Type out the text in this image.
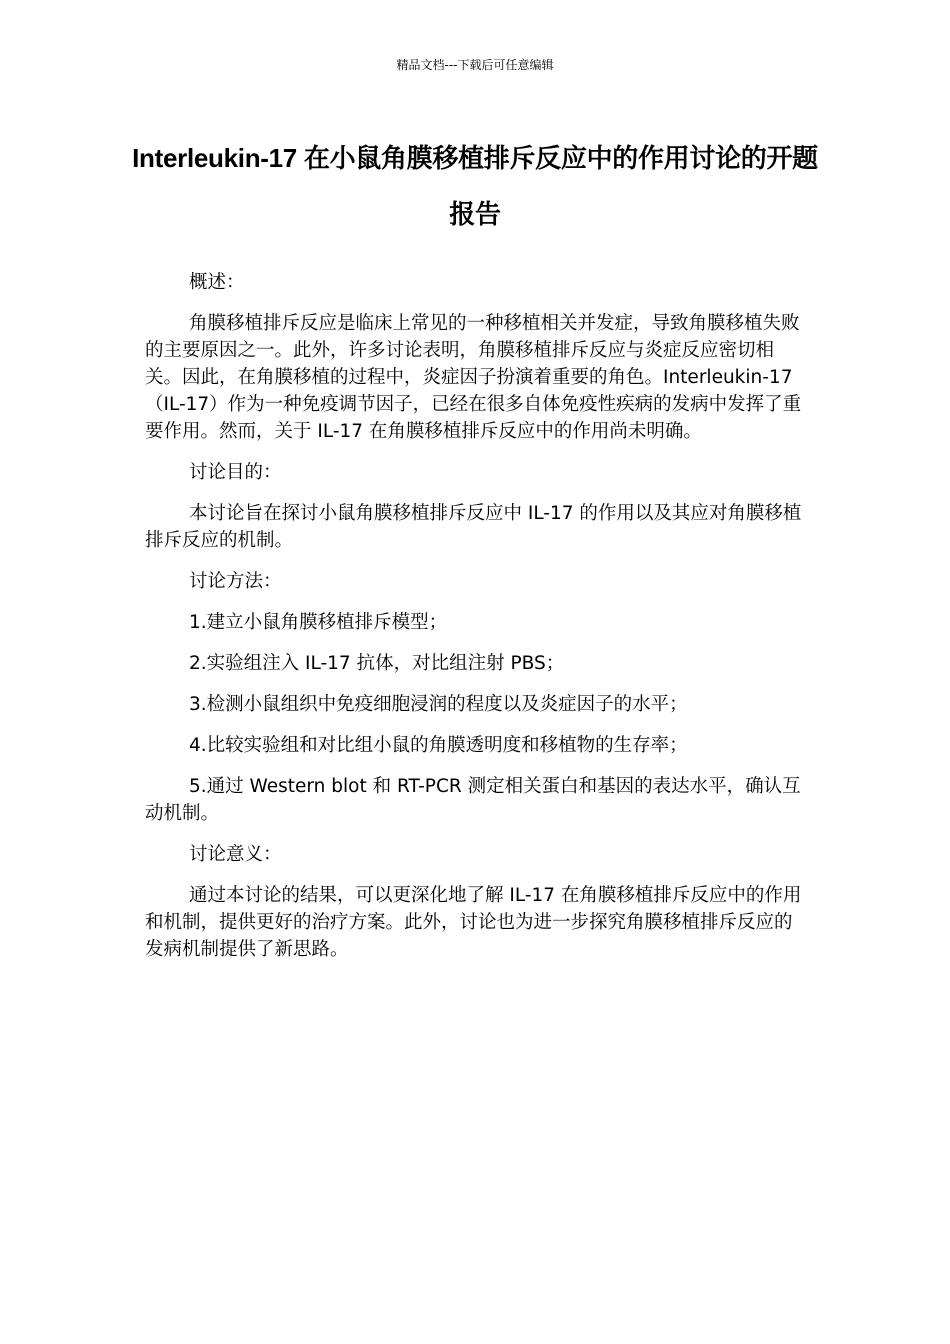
精品文档---下载后可任意编辑
Interleukin-17 在小鼠角膜移植排斥反应中的作用讨论的开题报告

概述：

角膜移植排斥反应是临床上常见的一种移植相关并发症，导致角膜移植失败的主要原因之一。此外，许多讨论表明，角膜移植排斥反应与炎症反应密切相关。因此，在角膜移植的过程中，炎症因子扮演着重要的角色。Interleukin-17（IL-17）作为一种免疫调节因子，已经在很多自体免疫性疾病的发病中发挥了重要作用。然而，关于 IL-17 在角膜移植排斥反应中的作用尚未明确。

讨论目的：

本讨论旨在探讨小鼠角膜移植排斥反应中 IL-17 的作用以及其应对角膜移植排斥反应的机制。

讨论方法：

1.建立小鼠角膜移植排斥模型；

2.实验组注入 IL-17 抗体，对比组注射 PBS；

3.检测小鼠组织中免疫细胞浸润的程度以及炎症因子的水平；

4.比较实验组和对比组小鼠的角膜透明度和移植物的生存率；

5.通过 Western blot 和 RT-PCR 测定相关蛋白和基因的表达水平，确认互动机制。

讨论意义：

通过本讨论的结果，可以更深化地了解 IL-17 在角膜移植排斥反应中的作用和机制，提供更好的治疗方案。此外，讨论也为进一步探究角膜移植排斥反应的发病机制提供了新思路。
